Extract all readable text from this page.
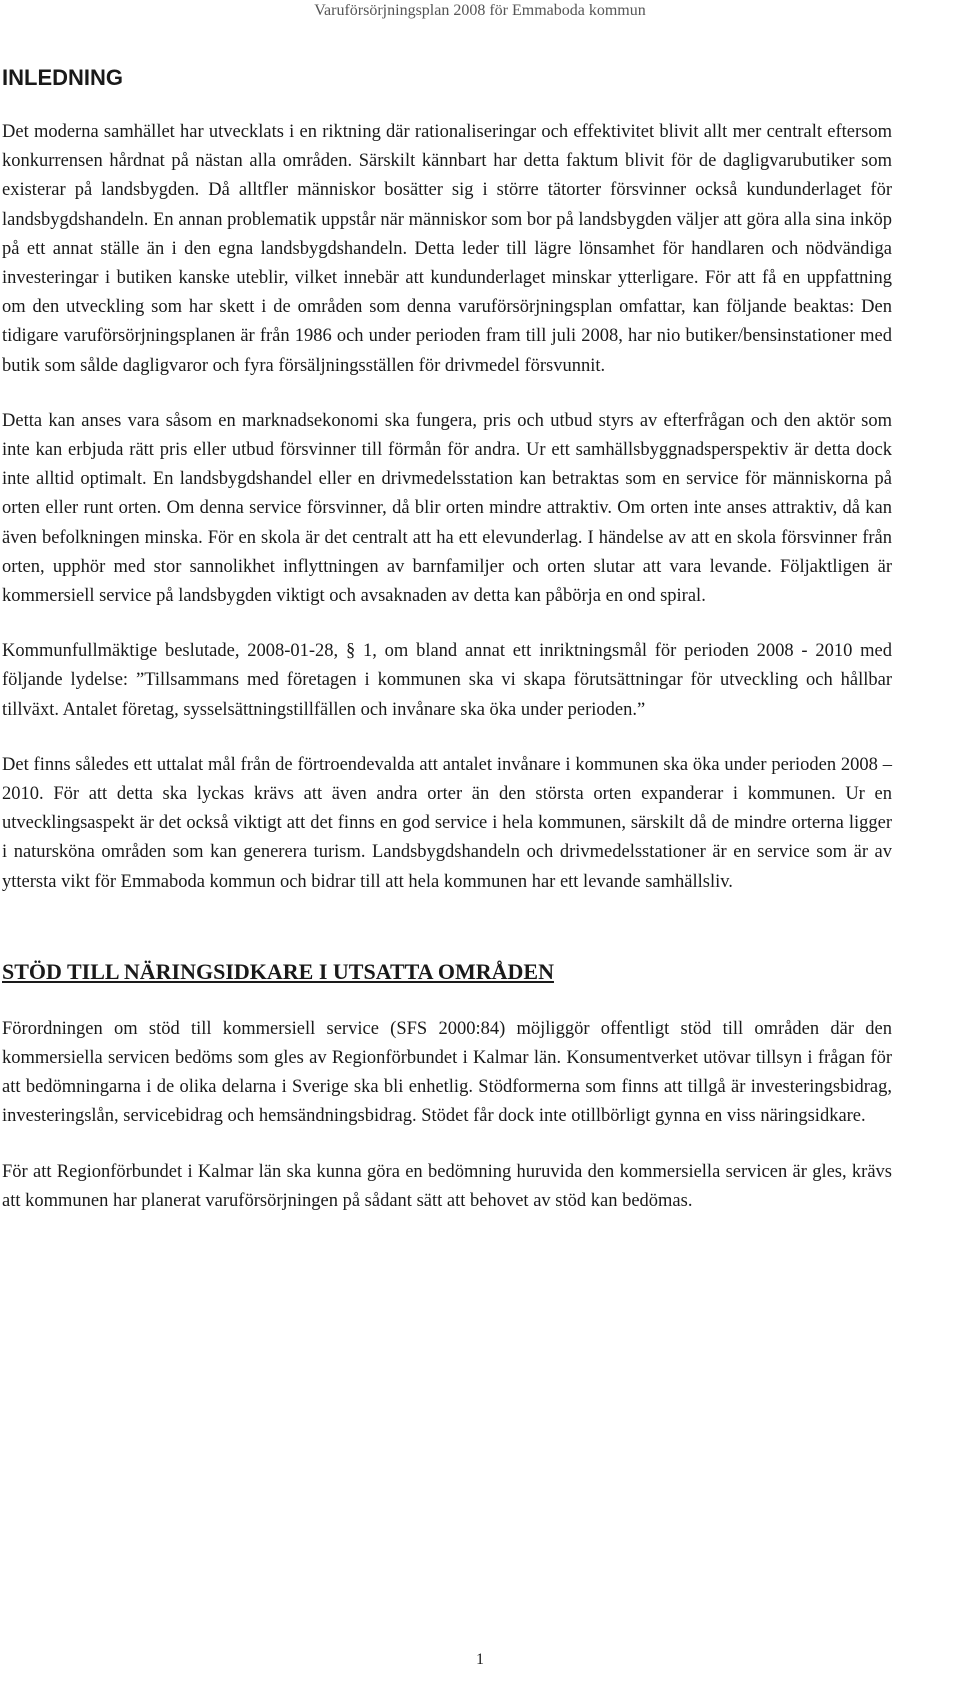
Varuförsörjningsplan 2008 för Emmaboda kommun
INLEDNING

Det moderna samhället har utvecklats i en riktning där rationaliseringar och effektivitet blivit allt mer centralt eftersom konkurrensen hårdnat på nästan alla områden. Särskilt kännbart har detta faktum blivit för de dagligvarubutiker som existerar på landsbygden. Då alltfler människor bosätter sig i större tätorter försvinner också kundunderlaget för landsbygdshandeln. En annan problematik uppstår när människor som bor på landsbygden väljer att göra alla sina inköp på ett annat ställe än i den egna landsbygdshandeln. Detta leder till lägre lönsamhet för handlaren och nödvändiga investeringar i butiken kanske uteblir, vilket innebär att kundunderlaget minskar ytterligare. För att få en uppfattning om den utveckling som har skett i de områden som denna varuförsörjningsplan omfattar, kan följande beaktas: Den tidigare varuförsörjningsplanen är från 1986 och under perioden fram till juli 2008, har nio butiker/bensinstationer med butik som sålde dagligvaror och fyra försäljningsställen för drivmedel försvunnit.

Detta kan anses vara såsom en marknadsekonomi ska fungera, pris och utbud styrs av efterfrågan och den aktör som inte kan erbjuda rätt pris eller utbud försvinner till förmån för andra. Ur ett samhällsbyggnadsperspektiv är detta dock inte alltid optimalt. En landsbygdshandel eller en drivmedelsstation kan betraktas som en service för människorna på orten eller runt orten. Om denna service försvinner, då blir orten mindre attraktiv. Om orten inte anses attraktiv, då kan även befolkningen minska. För en skola är det centralt att ha ett elevunderlag. I händelse av att en skola försvinner från orten, upphör med stor sannolikhet inflyttningen av barnfamiljer och orten slutar att vara levande. Följaktligen är kommersiell service på landsbygden viktigt och avsaknaden av detta kan påbörja en ond spiral.

Kommunfullmäktige beslutade, 2008-01-28, § 1, om bland annat ett inriktningsmål för perioden 2008 - 2010 med följande lydelse: ”Tillsammans med företagen i kommunen ska vi skapa förutsättningar för utveckling och hållbar tillväxt. Antalet företag, sysselsättningstillfällen och invånare ska öka under perioden.”

Det finns således ett uttalat mål från de förtroendevalda att antalet invånare i kommunen ska öka under perioden 2008 – 2010. För att detta ska lyckas krävs att även andra orter än den största orten expanderar i kommunen. Ur en utvecklingsaspekt är det också viktigt att det finns en god service i hela kommunen, särskilt då de mindre orterna ligger i natursköna områden som kan generera turism. Landsbygdshandeln och drivmedelsstationer är en service som är av yttersta vikt för Emmaboda kommun och bidrar till att hela kommunen har ett levande samhällsliv.

STÖD TILL NÄRINGSIDKARE I UTSATTA OMRÅDEN

Förordningen om stöd till kommersiell service (SFS 2000:84) möjliggör offentligt stöd till områden där den kommersiella servicen bedöms som gles av Regionförbundet i Kalmar län. Konsumentverket utövar tillsyn i frågan för att bedömningarna i de olika delarna i Sverige ska bli enhetlig. Stödformerna som finns att tillgå är investeringsbidrag, investeringslån, servicebidrag och hemsändningsbidrag. Stödet får dock inte otillbörligt gynna en viss näringsidkare.

För att Regionförbundet i Kalmar län ska kunna göra en bedömning huruvida den kommersiella servicen är gles, krävs att kommunen har planerat varuförsörjningen på sådant sätt att behovet av stöd kan bedömas.

1
